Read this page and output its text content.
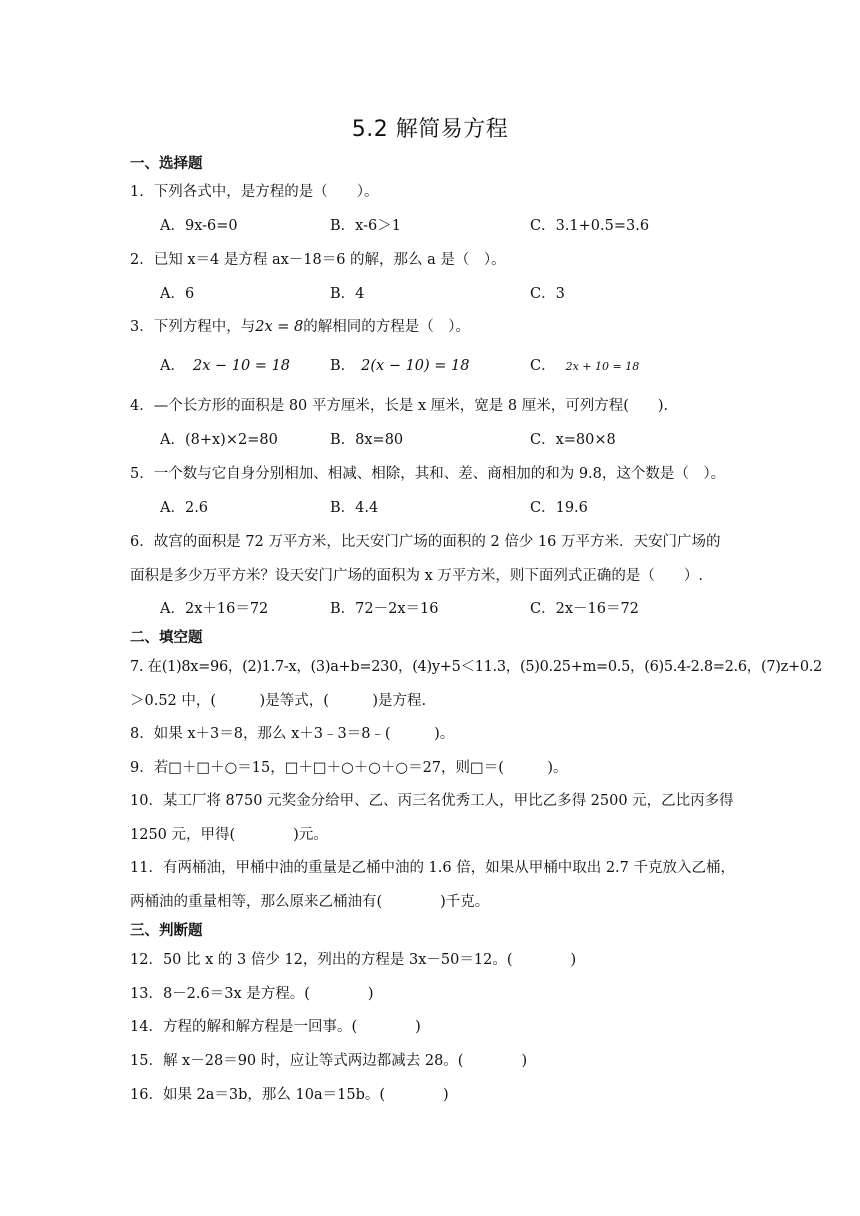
5.2 解简易方程
一、选择题
1．下列各式中，是方程的是（　　）。
A．9x-6=0	B．x-6＞1	C．3.1+0.5=3.6
2．已知 x＝4 是方程 ax－18＝6 的解，那么 a 是（　）。
A．6	B．4	C．3
3．下列方程中，与2x = 8的解相同的方程是（　）。
A． 2x − 10 = 18	B． 2(x − 10) = 18	C． 2x + 10 = 18
4．—个长方形的面积是 80 平方厘米，长是 x 厘米，宽是 8 厘米，可列方程(　　).
A．(8+x)×2=80	B．8x=80	C．x=80×8
5．一个数与它自身分别相加、相减、相除，其和、差、商相加的和为 9.8，这个数是（　）。
A．2.6	B．4.4	C．19.6
6．故宫的面积是 72 万平方米，比天安门广场的面积的 2 倍少 16 万平方米．天安门广场的
面积是多少万平方米？设天安门广场的面积为 x 万平方米，则下面列式正确的是（　　）.
A．2x＋16＝72	B．72－2x＝16	C．2x－16＝72
二、填空题
7. 在(1)8x=96，(2)1.7-x，(3)a+b=230，(4)y+5＜11.3，(5)0.25+m=0.5，(6)5.4-2.8=2.6，(7)z+0.2
＞0.52 中，(　　　)是等式，(　　　)是方程.
8．如果 x＋3＝8，那么 x＋3﹣3＝8﹣(　　　)。
9．若□＋□＋○＝15，□＋□＋○＋○＋○＝27，则□＝(　　　)。
10．某工厂将 8750 元奖金分给甲、乙、丙三名优秀工人，甲比乙多得 2500 元，乙比丙多得
1250 元，甲得(　　　　)元。
11．有两桶油，甲桶中油的重量是乙桶中油的 1.6 倍，如果从甲桶中取出 2.7 千克放入乙桶，
两桶油的重量相等，那么原来乙桶油有(　　　　)千克。
三、判断题
12．50 比 x 的 3 倍少 12，列出的方程是 3x－50＝12。(　　　　)
13．8－2.6＝3x 是方程。(　　　　)
14．方程的解和解方程是一回事。(　　　　)
15．解 x－28＝90 时，应让等式两边都减去 28。(　　　　)
16．如果 2a＝3b，那么 10a＝15b。(　　　　)
